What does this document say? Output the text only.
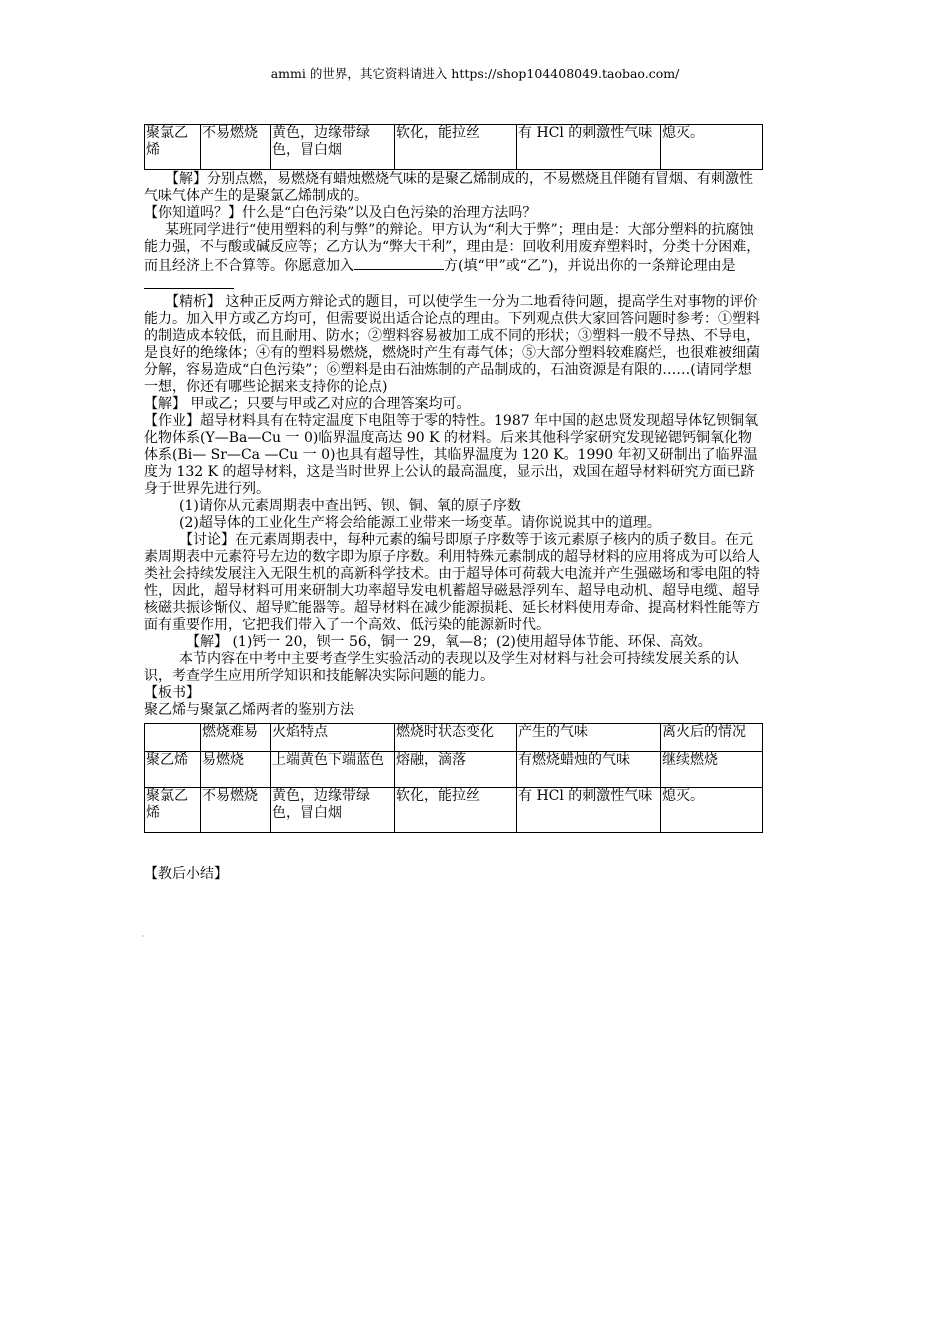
ammi 的世界，其它资料请进入 https://shop104408049.taobao.com/
聚氯乙烯	不易燃烧	黄色，边缘带绿色，冒白烟	软化，能拉丝	有 HCl 的刺激性气味	熄灭。

【解】分别点燃，易燃烧有蜡烛燃烧气味的是聚乙烯制成的，不易燃烧且伴随有冒烟、有刺激性气味气体产生的是聚氯乙烯制成的。

【你知道吗？】什么是“白色污染”以及白色污染的治理方法吗？

某班同学进行“使用塑料的利与弊”的辩论。甲方认为“利大于弊”；理由是：大部分塑料的抗腐蚀能力强，不与酸或碱反应等；乙方认为“弊大干利”，理由是：回收利用废弃塑料时，分类十分困难，而且经济上不合算等。你愿意加入	方(填“甲”或“乙”)，并说出你的一条辩论理由是

【精析】 这种正反两方辩论式的题目，可以使学生一分为二地看待问题，提高学生对事物的评价能力。加入甲方或乙方均可，但需要说出适合论点的理由。下列观点供大家回答问题时参考：①塑料的制造成本较低，而且耐用、防水；②塑料容易被加工成不同的形状；③塑料一般不导热、不导电，是良好的绝缘体；④有的塑料易燃烧，燃烧时产生有毒气体；⑤大部分塑料较难腐烂，也很难被细菌分解，容易造成“白色污染”；⑥塑料是由石油炼制的产品制成的，石油资源是有限的……(请同学想一想，你还有哪些论据来支持你的论点)

【解】 甲或乙；只要与甲或乙对应的合理答案均可。

【作业】超导材料具有在特定温度下电阻等于零的特性。1987 年中国的赵忠贤发现超导体钇钡铜氧化物体系(Y—Ba—Cu 一 0)临界温度高达 90 K 的材料。后来其他科学家研究发现铋锶钙铜氧化物体系(Bi— Sr—Ca —Cu 一 0)也具有超导性，其临界温度为 120 K。1990 年初又研制出了临界温度为 132 K 的超导材料，这是当时世界上公认的最高温度，显示出，戏国在超导材料研究方面已跻身于世界先进行列。

(1)请你从元素周期表中查出钙、钡、铜、氧的原子序数

(2)超导体的工业化生产将会给能源工业带来一场变革。请你说说其中的道理。

【讨论】在元素周期表中，每种元素的编号即原子序数等于该元素原子核内的质子数目。在元素周期表中元素符号左边的数字即为原子序数。利用特殊元素制成的超导材料的应用将成为可以给人类社会持续发展注入无限生机的高新科学技术。由于超导体可荷载大电流并产生强磁场和零电阻的特性，因此，超导材料可用来研制大功率超导发电机蓄超导磁悬浮列车、超导电动机、超导电缆、超导核磁共振诊惭仪、超导贮能器等。超导材料在减少能源损耗、延长材料使用寿命、提高材料性能等方面有重要作用，它把我们带入了一个高效、低污染的能源新时代。

【解】 (1)钙一 20，钡一 56，铜一 29，氧—8；(2)使用超导体节能、环保、高效。

本节内容在中考中主要考查学生实验活动的表现以及学生对材料与社会可持续发展关系的认识，考查学生应用所学知识和技能解决实际问题的能力。

【板书】

聚乙烯与聚氯乙烯两者的鉴别方法

	燃烧难易	火焰特点	燃烧时状态变化	产生的气味	离火后的情况
聚乙烯	易燃烧	上端黄色下端蓝色	熔融，滴落	有燃烧蜡烛的气味	继续燃烧
聚氯乙烯	不易燃烧	黄色，边缘带绿色，冒白烟	软化，能拉丝	有 HCl 的刺激性气味	熄灭。
【教后小结】
